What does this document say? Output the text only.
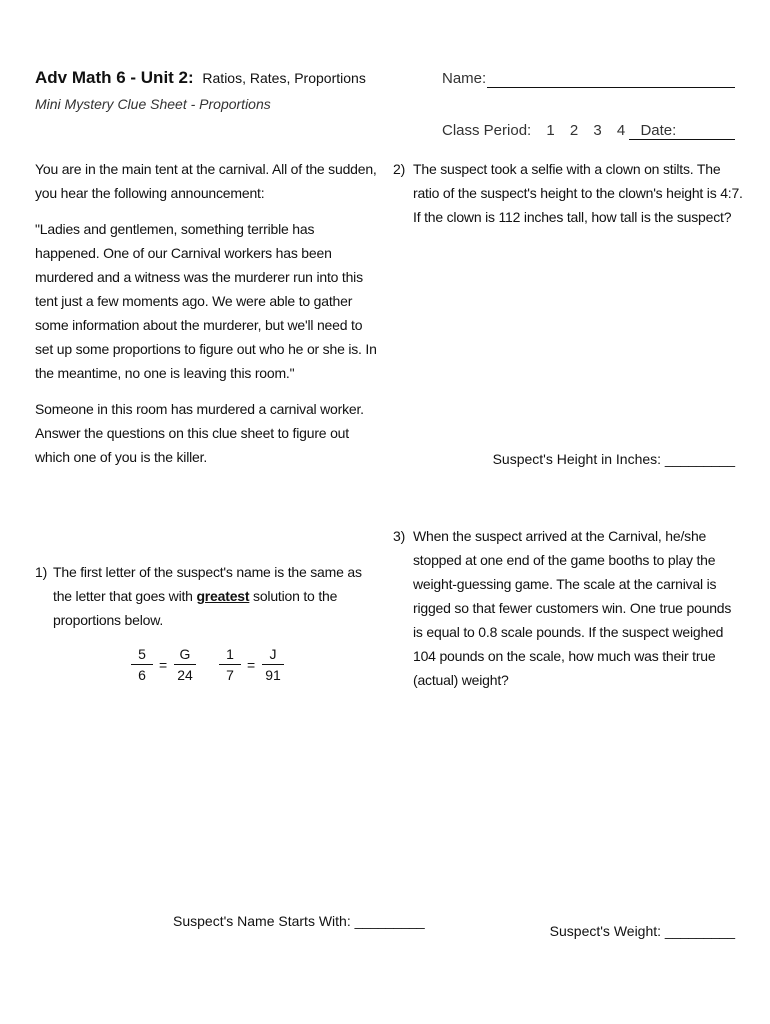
Adv Math 6 - Unit 2: Ratios, Rates, Proportions
Mini Mystery Clue Sheet - Proportions
Name:
Class Period: 1 2 3 4 Date:
You are in the main tent at the carnival. All of the sudden, you hear the following announcement:
"Ladies and gentlemen, something terrible has happened. One of our Carnival workers has been murdered and a witness was the murderer run into this tent just a few moments ago. We were able to gather some information about the murderer, but we'll need to set up some proportions to figure out who he or she is. In the meantime, no one is leaving this room."
Someone in this room has murdered a carnival worker. Answer the questions on this clue sheet to figure out which one of you is the killer.
1) The first letter of the suspect's name is the same as the letter that goes with greatest solution to the proportions below.
$\frac{5}{6} = \frac{G}{24} \frac{1}{7} = \frac{J}{91}$
Suspect's Name Starts With: _________
2) The suspect took a selfie with a clown on stilts. The ratio of the suspect's height to the clown's height is 4:7. If the clown is 112 inches tall, how tall is the suspect?
Suspect's Height in Inches: _________
3) When the suspect arrived at the Carnival, he/she stopped at one end of the game booths to play the weight-guessing game. The scale at the carnival is rigged so that fewer customers win. One true pounds is equal to 0.8 scale pounds. If the suspect weighed 104 pounds on the scale, how much was their true (actual) weight?
Suspect's Weight: _________
